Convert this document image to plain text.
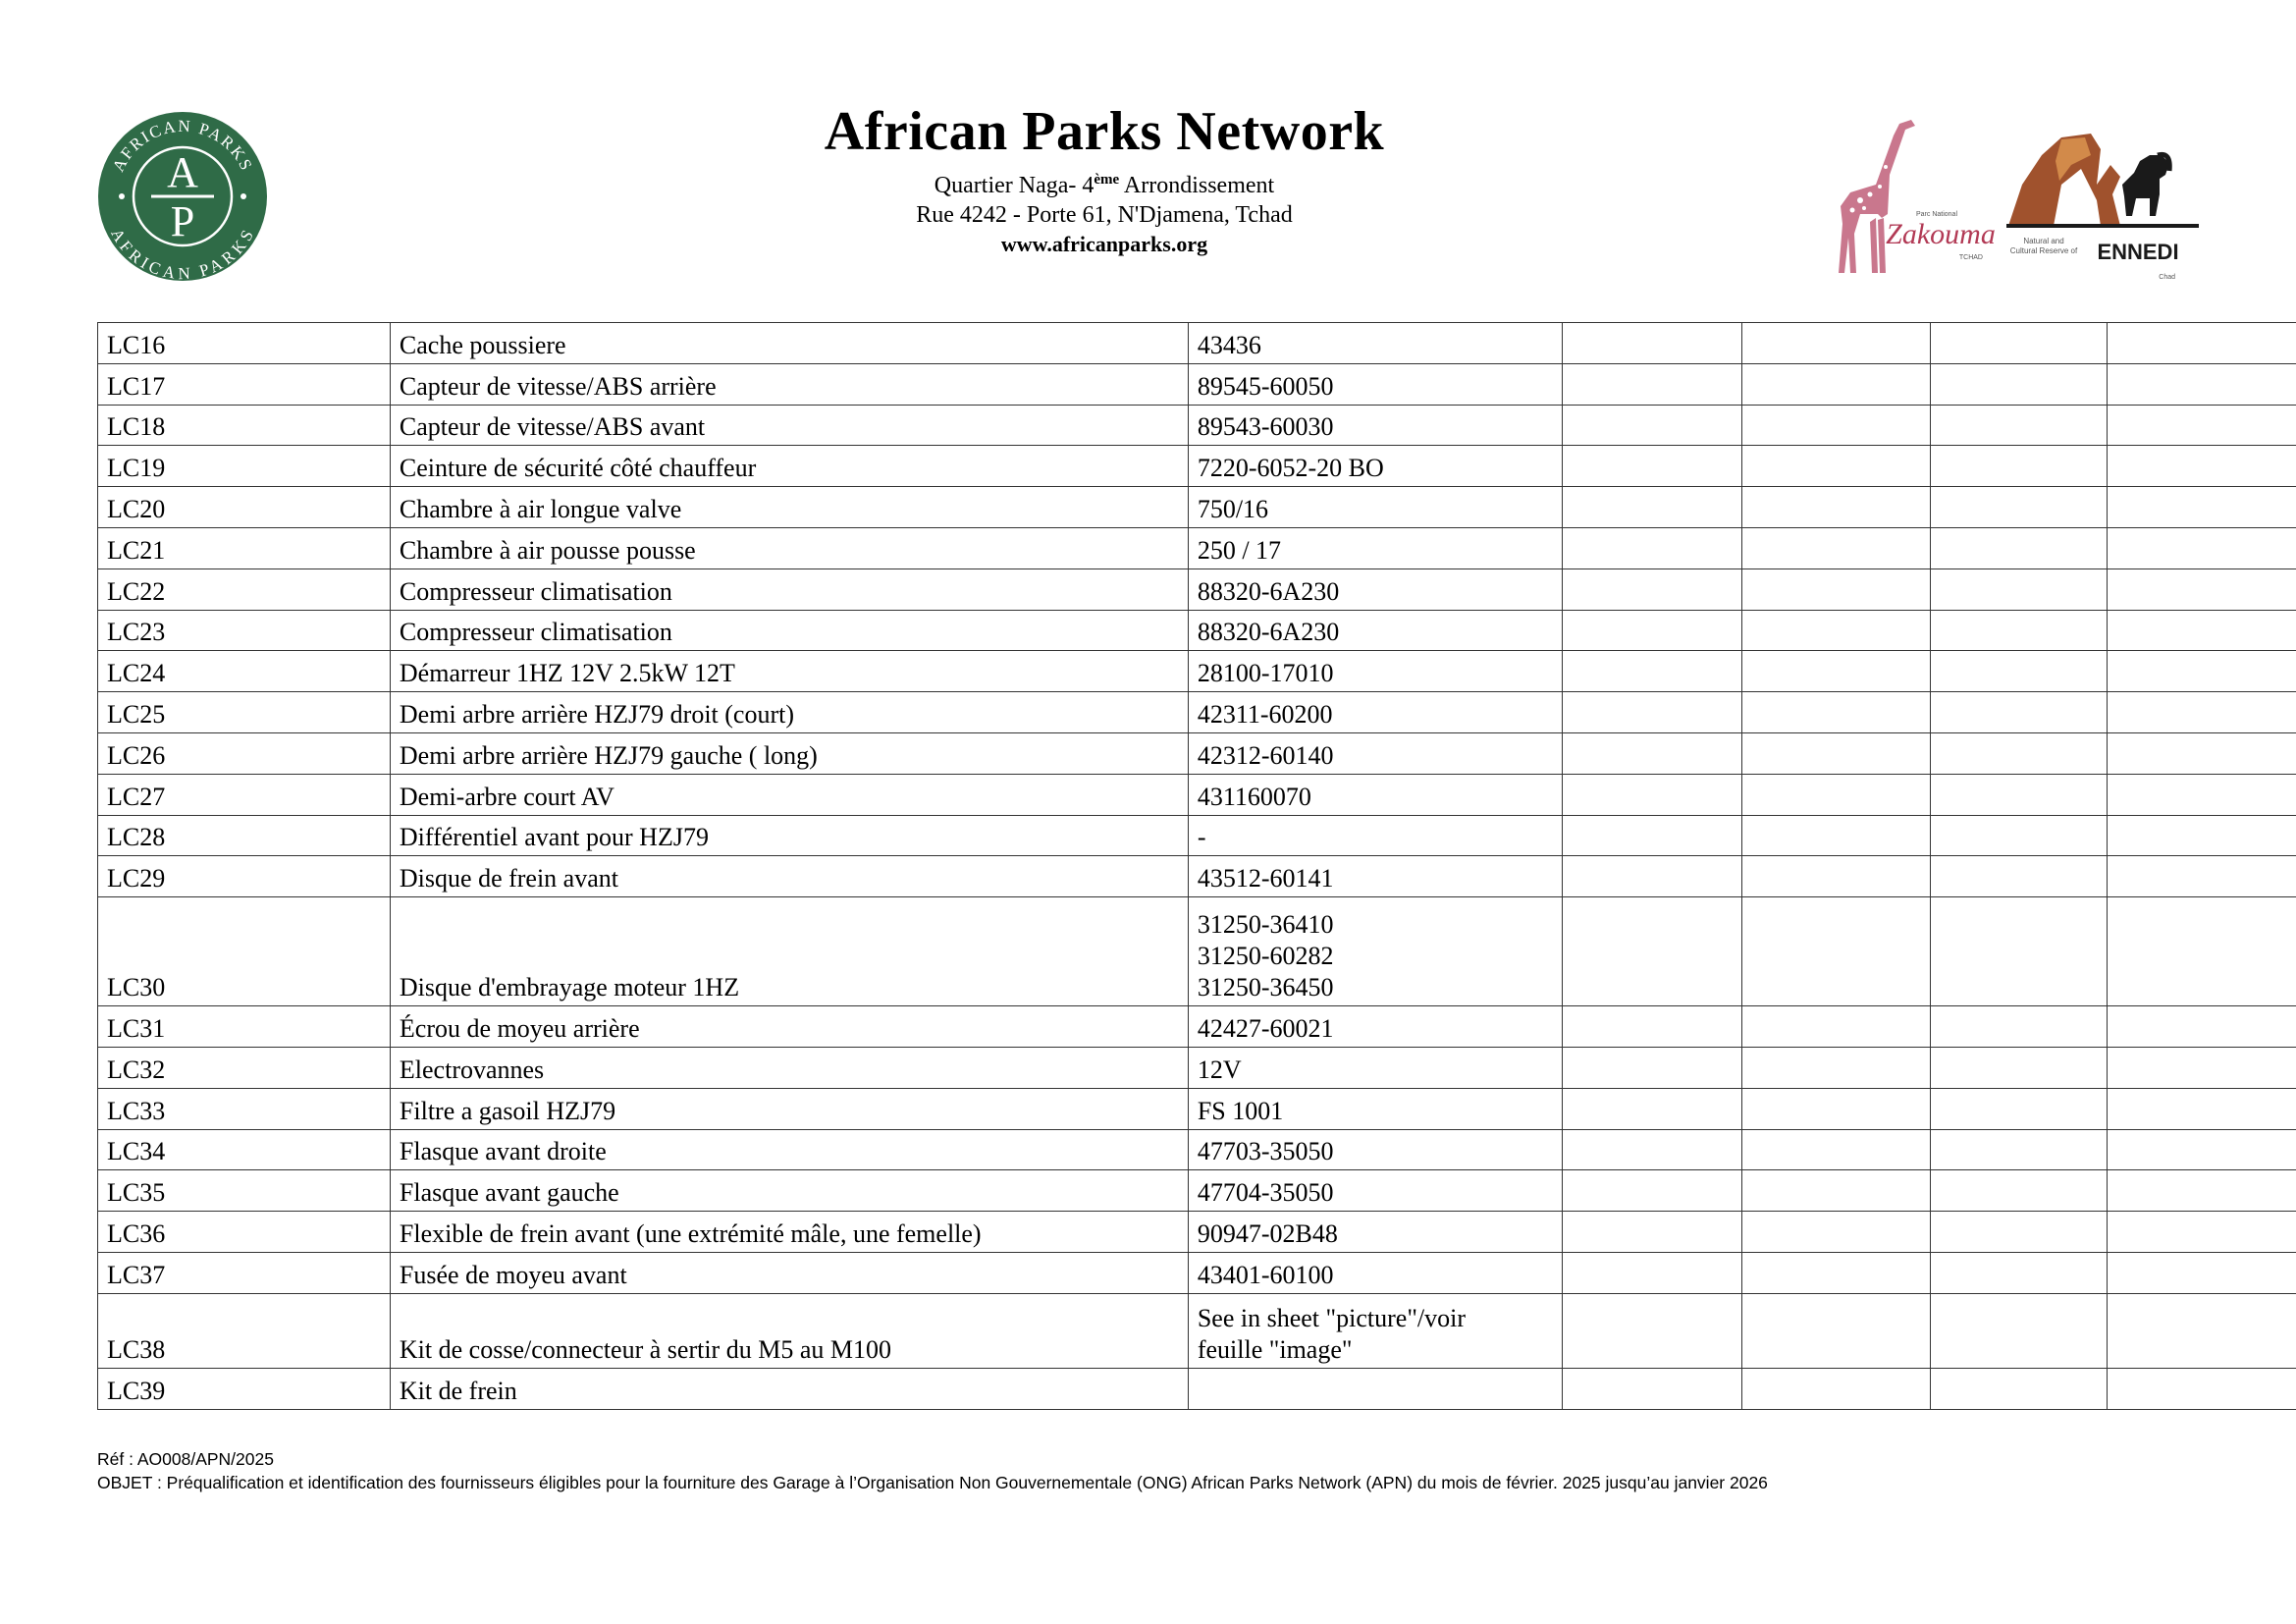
AFRICAN PARKS
AFRICAN PARKS
A
P
African Parks Network
Quartier Naga- 4ème Arrondissement
Rue 4242 - Porte 61, N'Djamena, Tchad
www.africanparks.org
Parc National
Zakouma
TCHAD
Natural and
Cultural Reserve of ENNEDI
Chad
LC16	Cache poussiere	43436				
LC17	Capteur de vitesse/ABS arrière	89545-60050				
LC18	Capteur de vitesse/ABS avant	89543-60030				
LC19	Ceinture de sécurité côté chauffeur	7220-6052-20 BO				
LC20	Chambre à air longue valve	750/16				
LC21	Chambre à air pousse pousse	250 / 17				
LC22	Compresseur climatisation	88320-6A230				
LC23	Compresseur climatisation	88320-6A230				
LC24	Démarreur 1HZ 12V 2.5kW 12T	28100-17010				
LC25	Demi arbre arrière HZJ79 droit (court)	42311-60200				
LC26	Demi arbre arrière HZJ79 gauche ( long)	42312-60140				
LC27	Demi-arbre court AV	431160070				
LC28	Différentiel avant pour HZJ79	-				
LC29	Disque de frein avant	43512-60141				
LC30	Disque d'embrayage moteur 1HZ	31250-36410
31250-60282
31250-36450				
LC31	Écrou de moyeu arrière	42427-60021				
LC32	Electrovannes	12V				
LC33	Filtre a gasoil HZJ79	FS 1001				
LC34	Flasque avant droite	47703-35050				
LC35	Flasque avant gauche	47704-35050				
LC36	Flexible de frein avant (une extrémité mâle, une femelle)	90947-02B48				
LC37	Fusée de moyeu avant	43401-60100				
LC38	Kit de cosse/connecteur à sertir du M5 au M100	See in sheet "picture"/voir
feuille "image"				
LC39	Kit de frein					
Réf : AO008/APN/2025
OBJET : Préqualification et identification des fournisseurs éligibles pour la fourniture des Garage à l’Organisation Non Gouvernementale (ONG) African Parks Network (APN) du mois de février. 2025 jusqu’au janvier 2026
